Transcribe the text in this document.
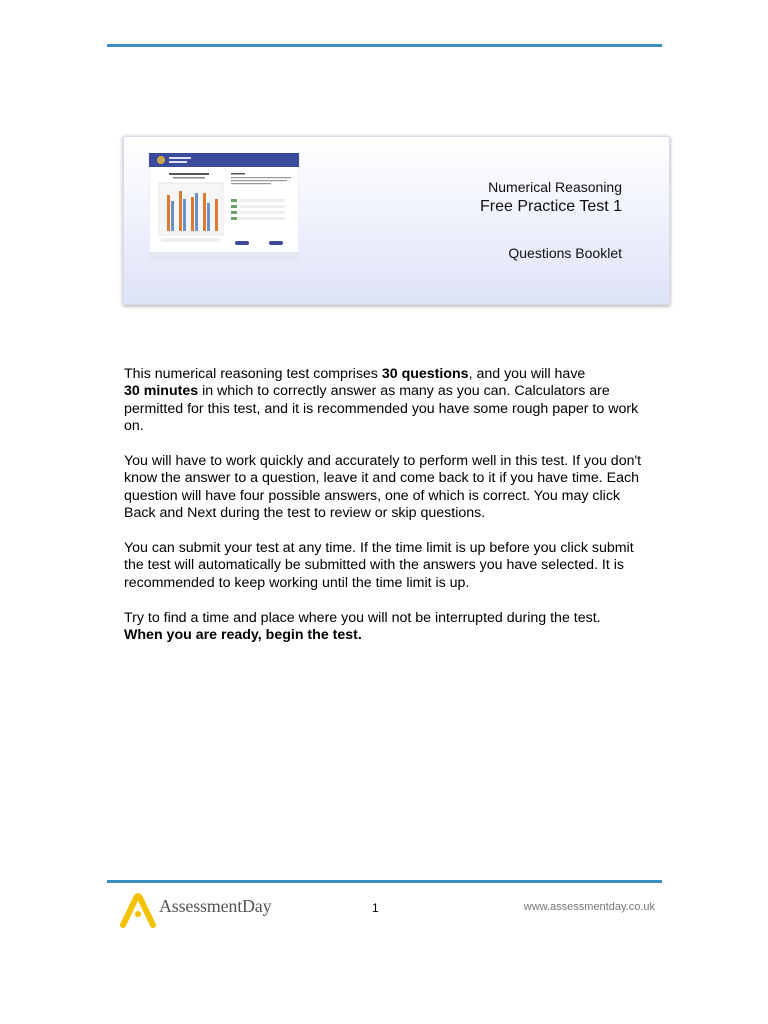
Numerical Reasoning
Free Practice Test 1
Questions Booklet

This numerical reasoning test comprises 30 questions, and you will have
30 minutes in which to correctly answer as many as you can. Calculators are permitted for this test, and it is recommended you have some rough paper to work on.

You will have to work quickly and accurately to perform well in this test. If you don't know the answer to a question, leave it and come back to it if you have time. Each question will have four possible answers, one of which is correct. You may click Back and Next during the test to review or skip questions.

You can submit your test at any time. If the time limit is up before you click submit the test will automatically be submitted with the answers you have selected. It is recommended to keep working until the time limit is up.

Try to find a time and place where you will not be interrupted during the test.
When you are ready, begin the test.

AssessmentDay	1	www.assessmentday.co.uk
